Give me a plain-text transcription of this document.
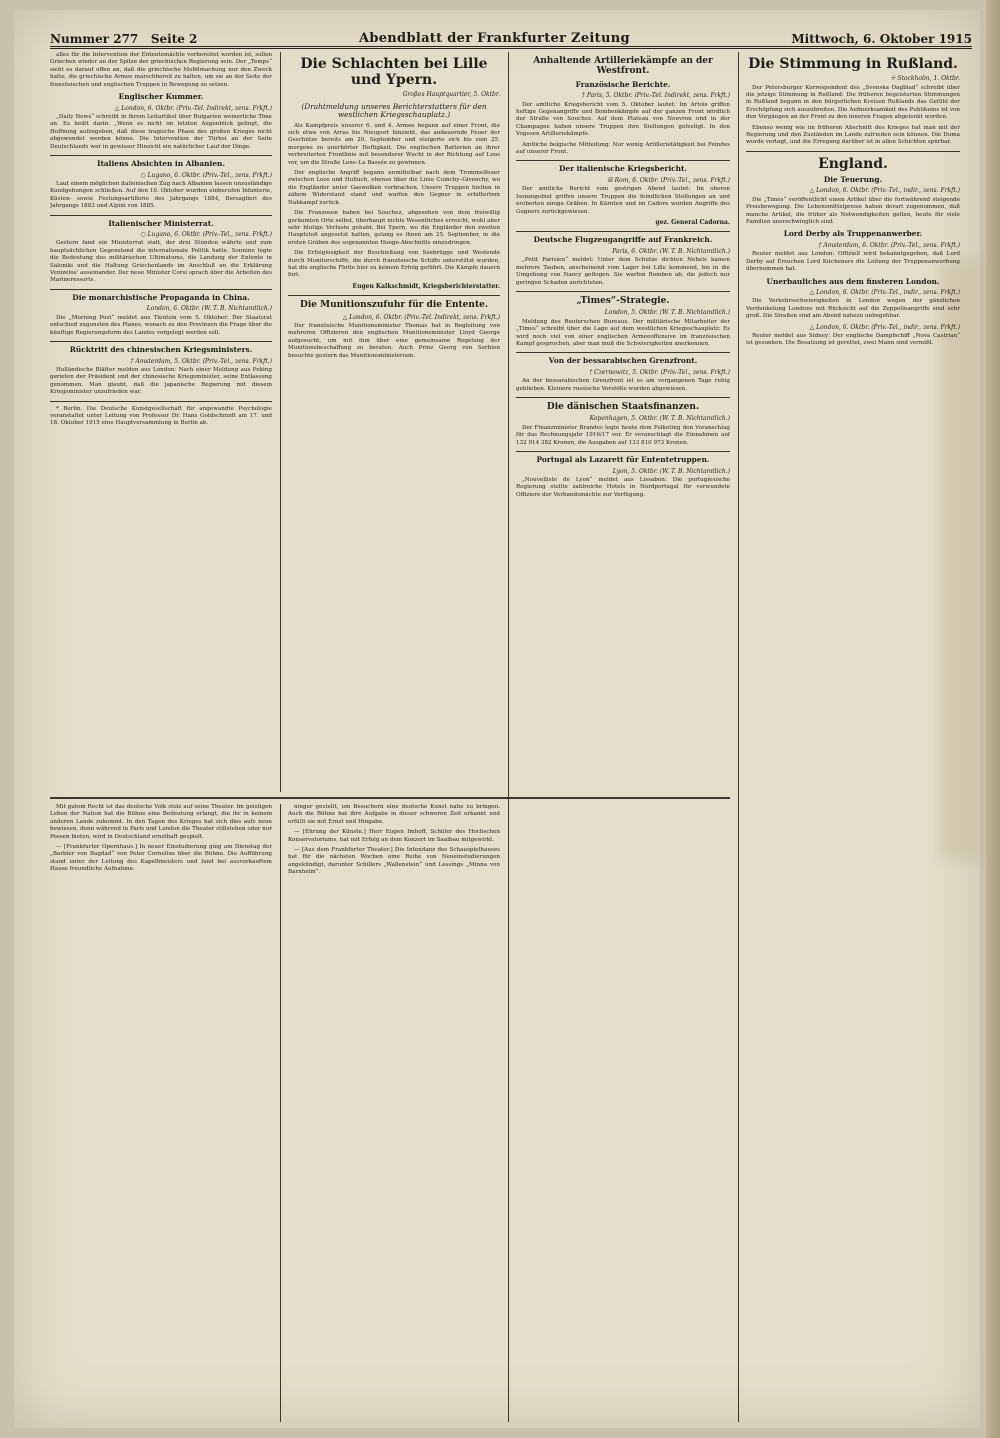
Nummer 277 Seite 2	Abendblatt der Frankfurter Zeitung	Mittwoch, 6. Oktober 1915

alles für die Intervention der Ententemächte vorbereitet worden ist, sollen Griechen wieder an der Spitze der griechischen Regierung sein. Der „Temps“ sieht es darauf offen an, daß die griechische Mobilmachung nur den Zweck hatte, die griechische Armee marschbereit zu halten, um sie an der Seite der französischen und englischen Truppen in Bewegung zu setzen.

Englischer Kummer.
△ London, 6. Oktbr. (Priv.-Tel. Indirekt, zens. Frkft.)

„Daily News“ schreibt in ihrem Leitartikel über Bulgarien weinerliche Töne an. Es heißt darin: „Wenn es nicht im letzten Augenblick gelingt, die Hoffnung aufzugeben, daß diese tragische Phase des großen Krieges nicht abgewendet werden könne. Die Intervention der Türkei an der Seite Deutschlands war in gewisser Hinsicht ein natürlicher Lauf der Dinge.

Italiens Absichten in Albanien.
○ Lugano, 6. Oktbr. (Priv.-Tel., zens. Frkft.)

Laut einem möglichen italienischen Zug nach Albanien lassen unzuständige Kundgebungen schließen. Auf den 10. Oktober wurden einberufen Infanterie, Küsten- sowie Festungsartillerie des Jahrgangs 1884, Bersaglieri des Jahrgangs 1883 und Alpini von 1885.

Italienischer Ministerrat.
○ Lugano, 6. Oktbr. (Priv.-Tel., zens. Frkft.)

Gestern fand ein Ministerrat statt, der drei Stunden währte und zum hauptsächlichen Gegenstand die internationale Politik hatte. Sonnino legte die Bedeutung des militärischen Ultimatums, die Landung der Entente in Saloniki und die Haltung Griechenlands im Anschluß an die Erklärung Venizelos' auseinander. Der neue Minister Corsi sprach über die Arbeiten des Marineressorts.

Die monarchistische Propaganda in China.
London, 6. Oktbr. (W. T. B. Nichtamtlich.)

Die „Morning Post“ meldet aus Tientsin vom 5. Oktober: Der Staatsrat entschied zugunsten des Planes, wonach zu den Provinzen die Frage über die künftige Regierungsform des Landes vorgelegt werden soll.

Rücktritt des chinesischen Kriegsministers.
† Amsterdam, 5. Oktbr. (Priv.-Tel., zens. Frkft.)

Holländische Blätter melden aus London: Nach einer Meldung aus Peking gerieten der Präsident und der chinesische Kriegsminister, seine Entlassung genommen. Man glaubt, daß die japanische Regierung mit diesem Kriegsminister unzufrieden war.

* Berlin. Die Deutsche Kunstgesellschaft für angewandte Psychologie veranstaltet unter Leitung von Professor Dr. Hans Goldschmidt am 17. und 18. Oktober 1915 eine Hauptversammlung in Berlin ab.

Die Schlachten bei Lille und Ypern.
Großes Hauptquartier, 5. Oktbr.
(Drahtmeldung unseres Berichterstatters für den westlichen Kriegsschauplatz.)

Als Kampfpreis unserer 6. und 4. Armee begann auf einer Front, die sich etwa von Arras bis Nieuport hinzieht, das andauernde Feuer der Geschütze bereits am 20. September und steigerte sich bis zum 25. morgens zu unerhörter Heftigkeit. Die englischen Batterien an ihrer verbreiterten Frontlinie mit besonderer Wucht in der Richtung auf Loos vor, um die Straße Lens–La Bassée zu gewinnen.

Der englische Angriff begann unmittelbar nach dem Trommelfeuer zwischen Loos und Hulluch, ebenso über die Linie Cuinchy–Givenchy, wo die Engländer unter Gaswolken vorbrachen. Unsere Truppen hielten in zähem Widerstand stand und warfen den Gegner in erbittertem Nahkampf zurück.

Die Franzosen haben bei Souchez, abgesehen von dem freiwillig geräumten Orte selbst, überhaupt nichts Wesentliches erreicht, wohl aber sehr blutige Verluste gehabt. Bei Ypern, wo die Engländer den zweiten Hauptstoß angesetzt hatten, gelang es ihnen am 25. September, in die ersten Gräben des sogenannten Hooge-Abschnitts einzudringen.

Die Erfolglosigkeit der Beschießung von Seebrügge und Westende durch Monitorschiffe, die durch französische Schiffe unterstützt wurden, hat die englische Flotte hier zu keinem Erfolg geführt. Die Kämpfe dauern fort.

Eugen Kalkschmidt, Kriegsberichterstatter.
Die Munitionszufuhr für die Entente.
△ London, 6. Oktbr. (Priv.-Tel. Indirekt, zens. Frkft.)

Der französische Munitionsminister Thomas hat in Begleitung von mehreren Offizieren den englischen Munitionsminister Lloyd George aufgesucht, um mit ihm über eine gemeinsame Regelung der Munitionsbeschaffung zu beraten. Auch Prinz Georg von Serbien besuchte gestern das Munitionsministerium.

Anhaltende Artilleriekämpfe an der Westfront.
Französische Berichte.
† Paris, 5. Oktbr. (Priv.-Tel. Indirekt, zens. Frkft.)

Der amtliche Kriegsbericht vom 5. Oktober lautet: Im Artois griffen heftige Gegenangriffe und Bombenkämpfe auf der ganzen Front nördlich der Straße von Souchez. Auf dem Plateau von Nouvron und in der Champagne haben unsere Truppen ihre Stellungen gefestigt. In den Vogesen Artilleriekämpfe.

Amtliche belgische Mitteilung: Nur wenig Artillerietätigkeit bei Feindes auf unserer Front.

Der italienische Kriegsbericht.
☒ Rom, 6. Oktbr. (Priv.-Tel., zens. Frkft.)

Der amtliche Bericht vom gestrigen Abend lautet: Im oberen Isonzogebiet griffen unsere Truppen die feindlichen Stellungen an und eroberten einige Gräben. In Kärnten und im Cadore wurden Angriffe des Gegners zurückgewiesen.

gez. General Cadorna.
Deutsche Flugzeugangriffe auf Frankreich.
Paris, 6. Oktbr. (W. T. B. Nichtamtlich.)

„Petit Parisien“ meldet: Unter dem Schutze dichten Nebels kamen mehrere Tauben, anscheinend vom Lager bei Lille kommend, bis in die Umgebung von Nancy geflogen. Sie warfen Bomben ab, die jedoch nur geringen Schaden anrichteten.

„Times“-Strategie.
London, 5. Oktbr. (W. T. B. Nichtamtlich.)

Meldung des Reuterschen Bureaus. Der militärische Mitarbeiter der „Times“ schreibt über die Lage auf dem westlichen Kriegsschauplatz: Es wird noch viel von einer englischen Armeeoffensive im französischen Kampf gesprochen, aber man muß die Schwierigkeiten anerkennen.

Von der bessarabischen Grenzfront.
† Czernowitz, 5. Oktbr. (Priv.-Tel., zens. Frkft.)

An der bessarabischen Grenzfront ist es am vergangenen Tage ruhig geblieben. Kleinere russische Vorstöße wurden abgewiesen.

Die dänischen Staatsfinanzen.
Kopenhagen, 5. Oktbr. (W. T. B. Nichtamtlich.)

Der Finanzminister Brandes legte heute dem Folketing den Voranschlag für das Rechnungsjahr 1916/17 vor. Er veranschlagt die Einnahmen auf 132 914 382 Kronen, die Ausgaben auf 133 810 973 Kronen.

Portugal als Lazarett für Ententetruppen.
Lyon, 5. Oktbr. (W. T. B. Nichtamtlich.)

„Nouvelliste de Lyon“ meldet aus Lissabon: Die portugiesische Regierung stellte zahlreiche Hotels in Nordportugal für verwundete Offiziere der Verbandsmächte zur Verfügung.

Die Stimmung in Rußland.
☩ Stockholm, 1. Oktbr.

Der Petersburger Korrespondent des „Svenska Dagblad“ schreibt über die jetzige Stimmung in Rußland: Die früheren begeisterten Stimmungen in Rußland begann in den bürgerlichen Kreisen Rußlands das Gefühl der Erschöpfung sich auszubreiten. Die Aufmerksamkeit des Publikums ist von den Vorgängen an der Front zu den inneren Fragen abgelenkt worden.

Ebenso wenig wie im früheren Abschnitt des Krieges hat man mit der Regierung und den Zuständen im Lande zufrieden sein können. Die Duma wurde vertagt, und die Erregung darüber ist in allen Schichten spürbar.

England.
Die Teuerung.
△ London, 6. Oktbr. (Priv.-Tel., indir., zens. Frkft.)

Die „Times“ veröffentlicht einen Artikel über die fortwährend steigende Preisbewegung. Die Lebensmittelpreise haben derart zugenommen, daß manche Artikel, die früher als Notwendigkeiten gelten, heute für viele Familien unerschwinglich sind.

Lord Derby als Truppenanwerber.
† Amsterdam, 6. Oktbr. (Priv.-Tel., zens. Frkft.)

Reuter meldet aus London: Offiziell wird bekanntgegeben, daß Lord Derby auf Ersuchen Lord Kitcheners die Leitung der Truppenanwerbung übernommen hat.

Unerbauliches aus dem finsteren London.
△ London, 6. Oktbr. (Priv.-Tel., indir., zens. Frkft.)

Die Verkehrsschwierigkeiten in London wegen der gänzlichen Verdunkelung Londons mit Rücksicht auf die Zeppelinangriffe sind sehr groß. Die Straßen sind am Abend nahezu unbegehbar.

△ London, 6. Oktbr. (Priv.-Tel., indir., zens. Frkft.)

Reuter meldet aus Sidney: Der englische Dampfschiff „Nova Castrian“ ist gesunken. Die Besatzung ist gerettet, zwei Mann sind vermißt.

Mit gutem Recht ist das deutsche Volk stolz auf seine Theater. Im geistigen Leben der Nation hat die Bühne eine Bedeutung erlangt, die ihr in keinem anderen Lande zukommt. In den Tagen des Krieges hat sich dies aufs neue bewiesen, denn während in Paris und London die Theater stillstehen oder nur Possen bieten, wird in Deutschland ernsthaft gespielt.

— [Frankfurter Opernhaus.] In neuer Einstudierung ging am Dienstag der „Barbier von Bagdad“ von Peter Cornelius über die Bühne. Die Aufführung stand unter der Leitung des Kapellmeisters und fand bei ausverkauftem Hause freundliche Aufnahme.

ninger gestellt, um Besuchern eine deutsche Kunst nahe zu bringen. Auch die Bühne hat ihre Aufgabe in dieser schweren Zeit erkannt und erfüllt sie mit Ernst und Hingabe.

— [Ehrung der Künste.] Herr Eugen Imhoff, Schüler des Hochschen Konservatoriums, hat mit Erfolg an dem Konzert im Saalbau mitgewirkt.

— [Aus dem Frankfurter Theater.] Die Intendanz des Schauspielhauses hat für die nächsten Wochen eine Reihe von Neueinstudierungen angekündigt, darunter Schillers „Wallenstein“ und Lessings „Minna von Barnhelm“.
